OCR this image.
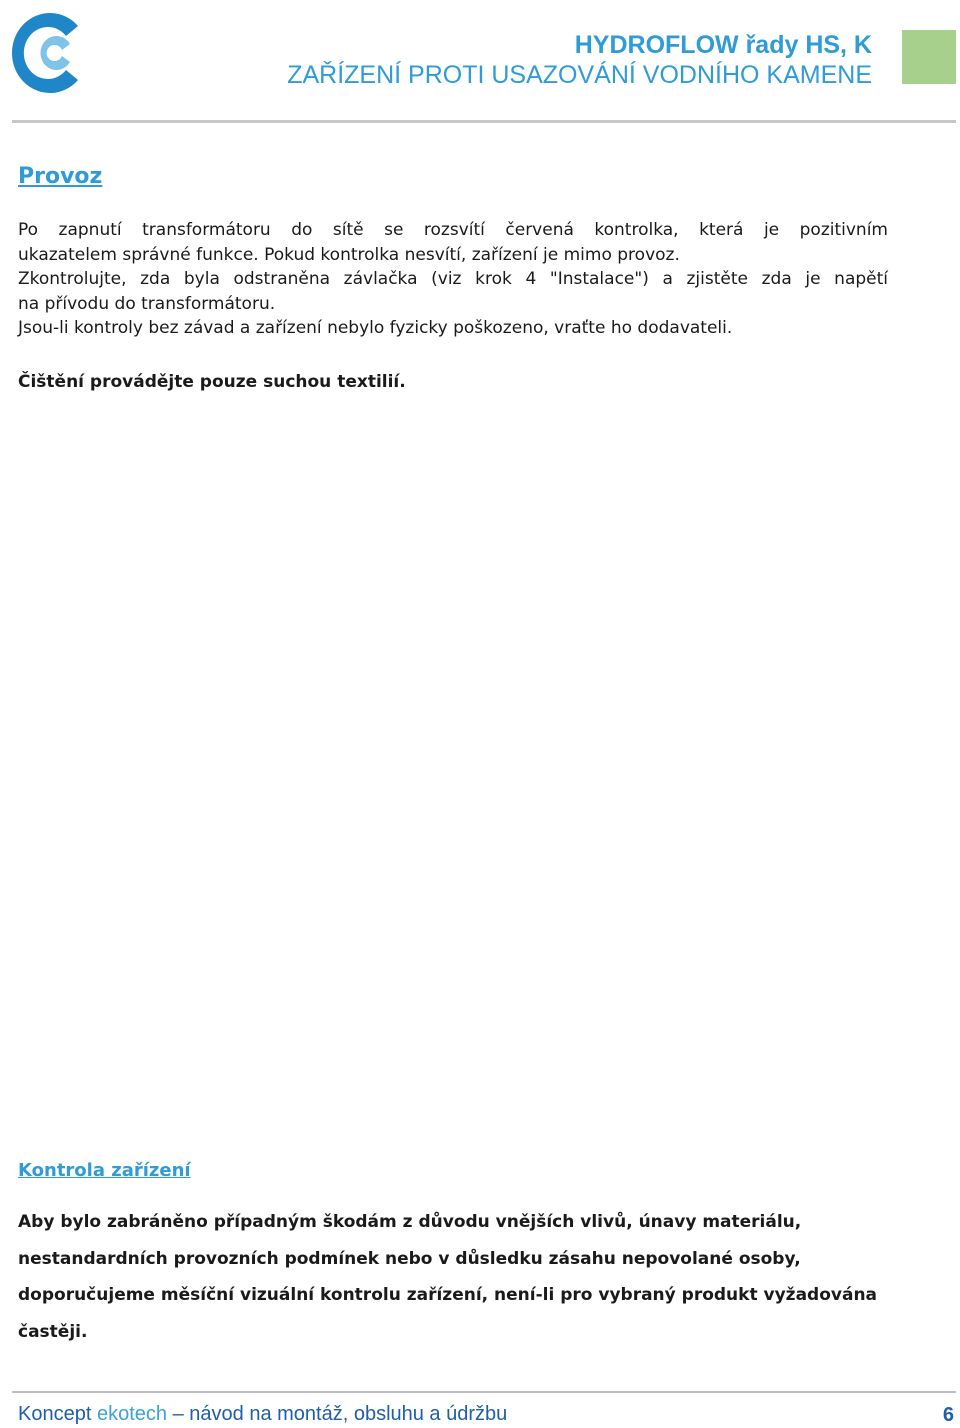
HYDROFLOW řady HS, K
ZAŘÍZENÍ PROTI USAZOVÁNÍ VODNÍHO KAMENE
Provoz

Po zapnutí transformátoru do sítě se rozsvítí červená kontrolka, která je pozitivním
ukazatelem správné funkce. Pokud kontrolka nesvítí, zařízení je mimo provoz.
Zkontrolujte, zda byla odstraněna závlačka (viz krok 4 "Instalace") a zjistěte zda je napětí
na přívodu do transformátoru.
Jsou-li kontroly bez závad a zařízení nebylo fyzicky poškozeno, vraťte ho dodavateli.

Čištění provádějte pouze suchou textilií.

Kontrola zařízení

Aby bylo zabráněno případným škodám z důvodu vnějších vlivů, únavy materiálu,
nestandardních provozních podmínek nebo v důsledku zásahu nepovolané osoby,
doporučujeme měsíční vizuální kontrolu zařízení, není-li pro vybraný produkt vyžadována
častěji.

Koncept ekotech – návod na montáž, obsluhu a údržbu	6
